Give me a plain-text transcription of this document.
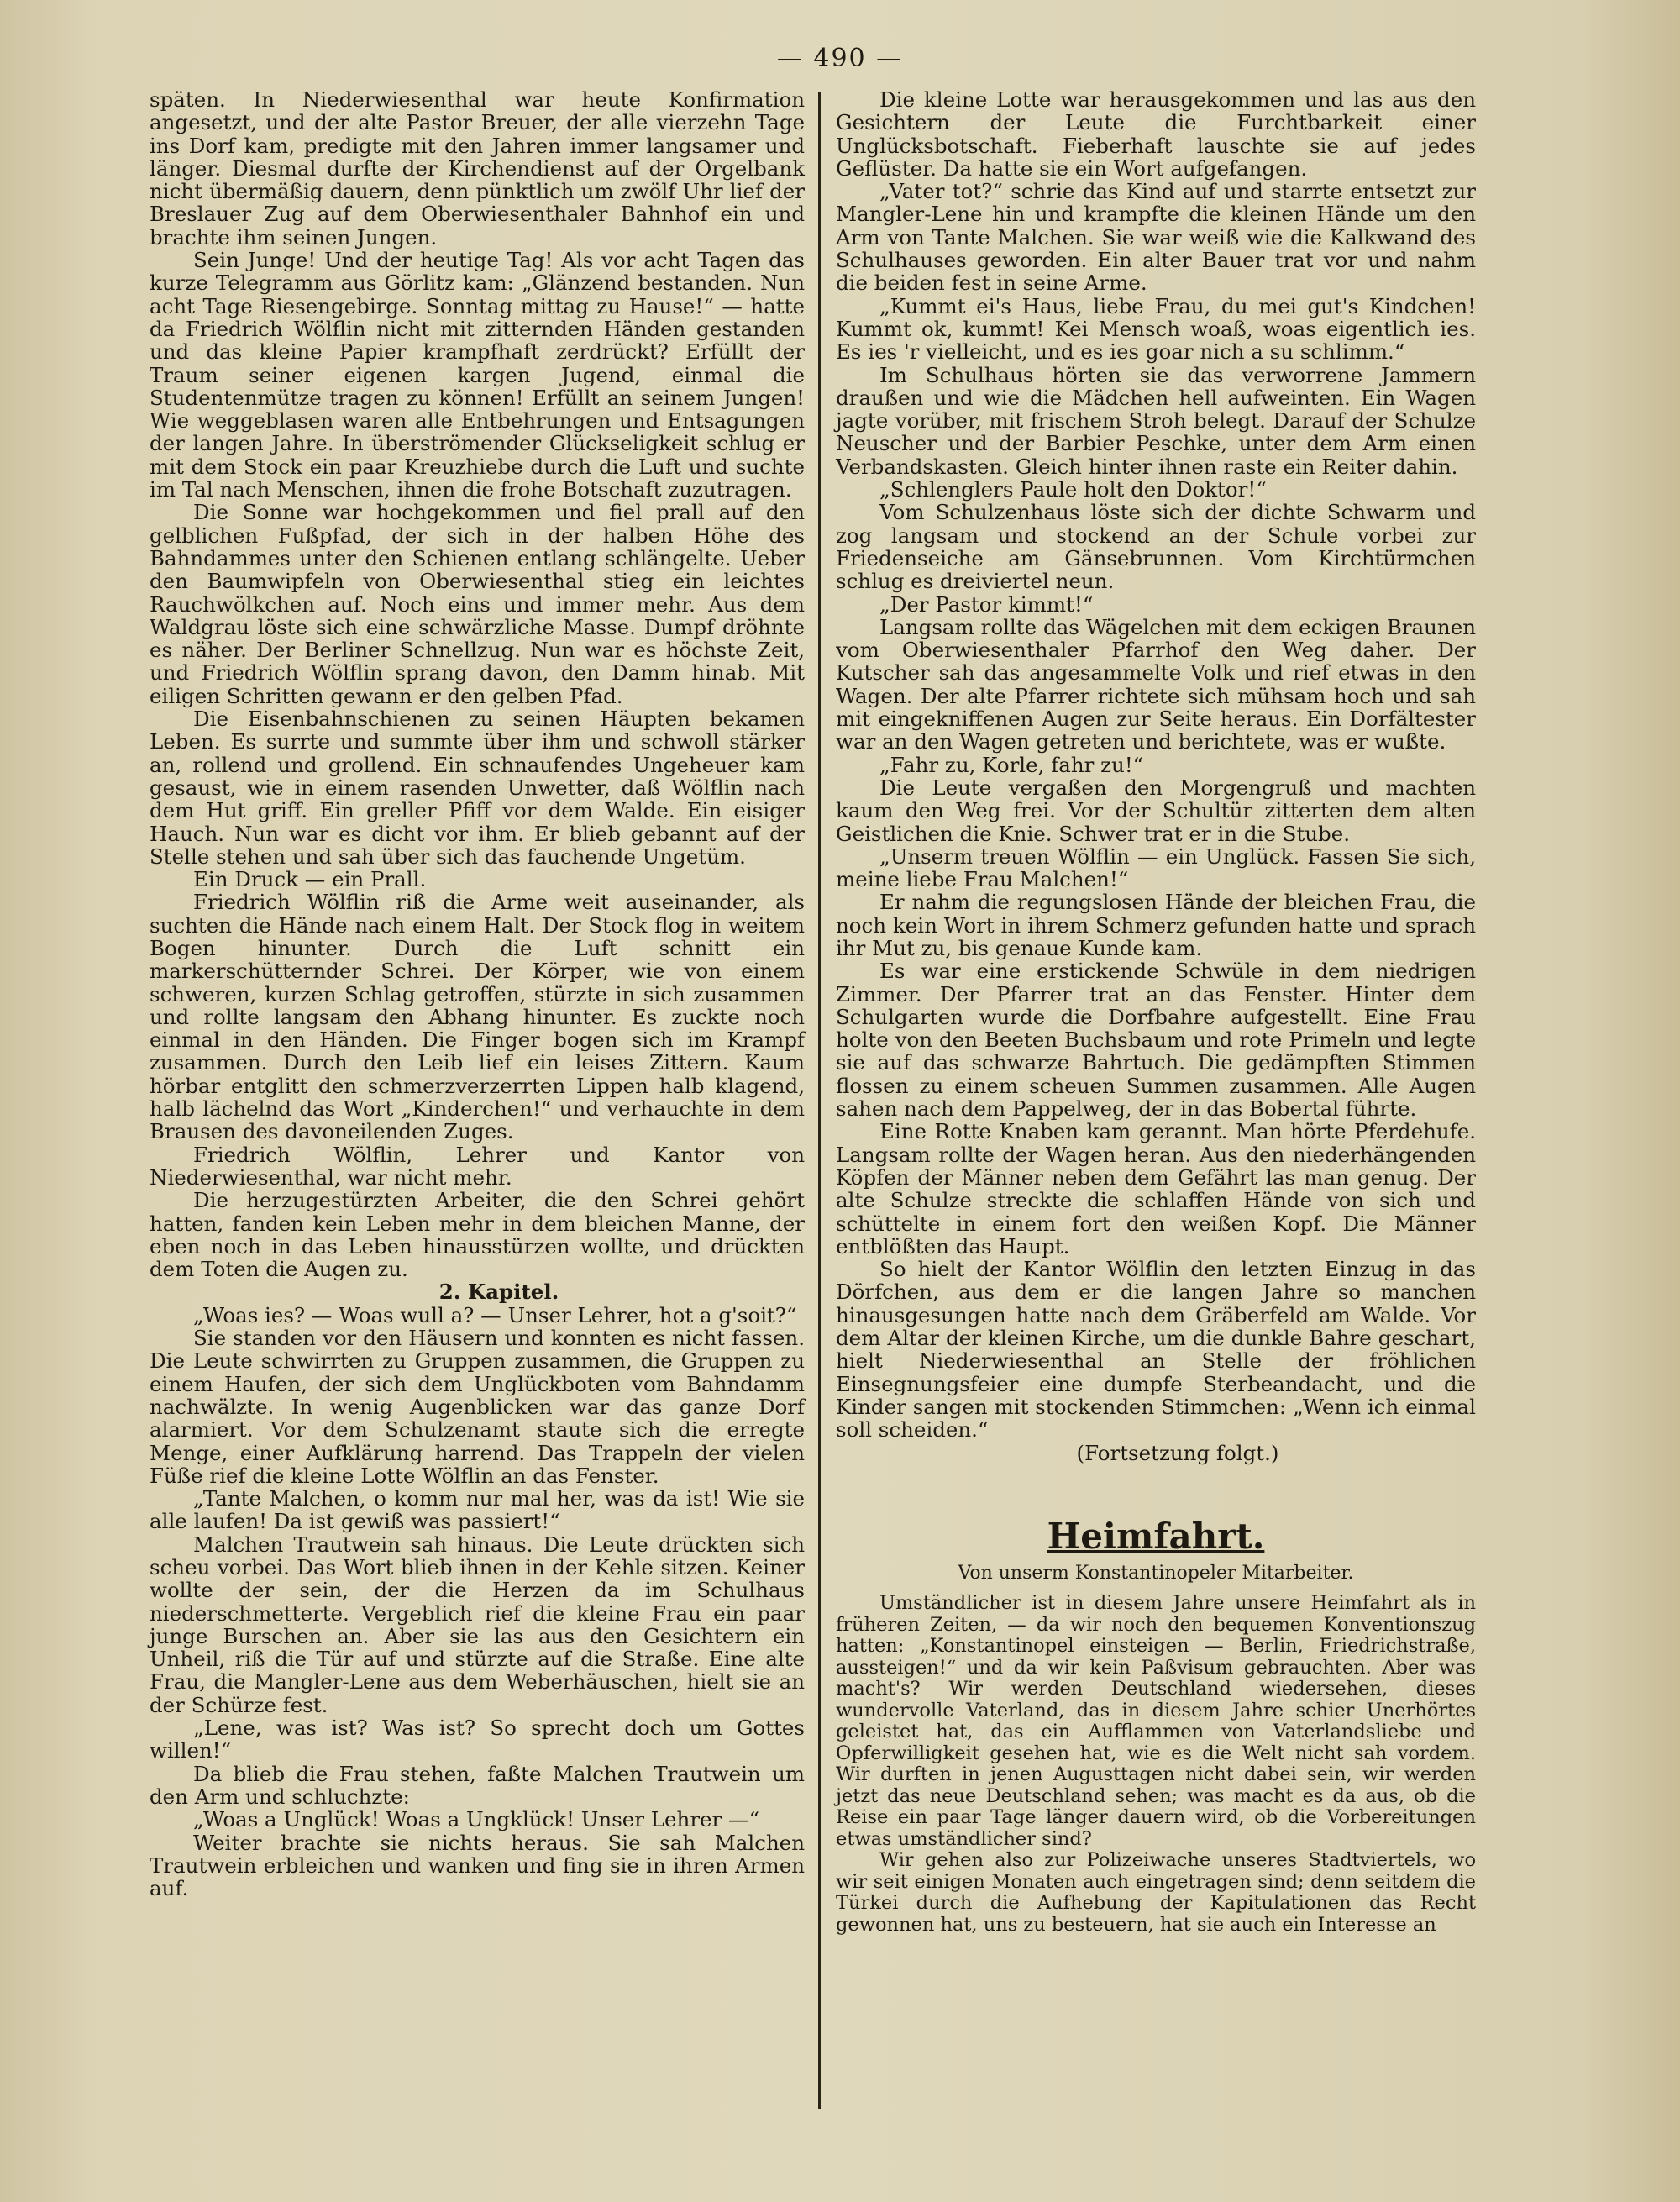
— 490 —

späten. In Niederwiesenthal war heute Konfirmation angesetzt, und der alte Pastor Breuer, der alle vierzehn Tage ins Dorf kam, predigte mit den Jahren immer langsamer und länger. Diesmal durfte der Kirchendienst auf der Orgelbank nicht übermäßig dauern, denn pünktlich um zwölf Uhr lief der Breslauer Zug auf dem Oberwiesenthaler Bahnhof ein und brachte ihm seinen Jungen.

Sein Junge! Und der heutige Tag! Als vor acht Tagen das kurze Telegramm aus Görlitz kam: „Glänzend bestanden. Nun acht Tage Riesengebirge. Sonntag mittag zu Hause!“ — hatte da Friedrich Wölflin nicht mit zitternden Händen gestanden und das kleine Papier krampfhaft zerdrückt? Erfüllt der Traum seiner eigenen kargen Jugend, einmal die Studentenmütze tragen zu können! Erfüllt an seinem Jungen! Wie weggeblasen waren alle Entbehrungen und Entsagungen der langen Jahre. In überströmender Glückseligkeit schlug er mit dem Stock ein paar Kreuzhiebe durch die Luft und suchte im Tal nach Menschen, ihnen die frohe Botschaft zuzutragen.

Die Sonne war hochgekommen und fiel prall auf den gelblichen Fußpfad, der sich in der halben Höhe des Bahndammes unter den Schienen entlang schlängelte. Ueber den Baumwipfeln von Oberwiesenthal stieg ein leichtes Rauchwölkchen auf. Noch eins und immer mehr. Aus dem Waldgrau löste sich eine schwärzliche Masse. Dumpf dröhnte es näher. Der Berliner Schnellzug. Nun war es höchste Zeit, und Friedrich Wölflin sprang davon, den Damm hinab. Mit eiligen Schritten gewann er den gelben Pfad.

Die Eisenbahnschienen zu seinen Häupten bekamen Leben. Es surrte und summte über ihm und schwoll stärker an, rollend und grollend. Ein schnaufendes Ungeheuer kam gesaust, wie in einem rasenden Unwetter, daß Wölflin nach dem Hut griff. Ein greller Pfiff vor dem Walde. Ein eisiger Hauch. Nun war es dicht vor ihm. Er blieb gebannt auf der Stelle stehen und sah über sich das fauchende Ungetüm.

Ein Druck — ein Prall.

Friedrich Wölflin riß die Arme weit auseinander, als suchten die Hände nach einem Halt. Der Stock flog in weitem Bogen hinunter. Durch die Luft schnitt ein markerschütternder Schrei. Der Körper, wie von einem schweren, kurzen Schlag getroffen, stürzte in sich zusammen und rollte langsam den Abhang hinunter. Es zuckte noch einmal in den Händen. Die Finger bogen sich im Krampf zusammen. Durch den Leib lief ein leises Zittern. Kaum hörbar entglitt den schmerzverzerrten Lippen halb klagend, halb lächelnd das Wort „Kinderchen!“ und verhauchte in dem Brausen des davoneilenden Zuges.

Friedrich Wölflin, Lehrer und Kantor von Niederwiesenthal, war nicht mehr.

Die herzugestürzten Arbeiter, die den Schrei gehört hatten, fanden kein Leben mehr in dem bleichen Manne, der eben noch in das Leben hinausstürzen wollte, und drückten dem Toten die Augen zu.

2. Kapitel.

„Woas ies? — Woas wull a? — Unser Lehrer, hot a g'soit?“

Sie standen vor den Häusern und konnten es nicht fassen. Die Leute schwirrten zu Gruppen zusammen, die Gruppen zu einem Haufen, der sich dem Unglückboten vom Bahndamm nachwälzte. In wenig Augenblicken war das ganze Dorf alarmiert. Vor dem Schulzenamt staute sich die erregte Menge, einer Aufklärung harrend. Das Trappeln der vielen Füße rief die kleine Lotte Wölflin an das Fenster.

„Tante Malchen, o komm nur mal her, was da ist! Wie sie alle laufen! Da ist gewiß was passiert!“

Malchen Trautwein sah hinaus. Die Leute drückten sich scheu vorbei. Das Wort blieb ihnen in der Kehle sitzen. Keiner wollte der sein, der die Herzen da im Schulhaus niederschmetterte. Vergeblich rief die kleine Frau ein paar junge Burschen an. Aber sie las aus den Gesichtern ein Unheil, riß die Tür auf und stürzte auf die Straße. Eine alte Frau, die Mangler-Lene aus dem Weberhäuschen, hielt sie an der Schürze fest.

„Lene, was ist? Was ist? So sprecht doch um Gottes willen!“

Da blieb die Frau stehen, faßte Malchen Trautwein um den Arm und schluchzte:

„Woas a Unglück! Woas a Ungklück! Unser Lehrer —“

Weiter brachte sie nichts heraus. Sie sah Malchen Trautwein erbleichen und wanken und fing sie in ihren Armen auf.

Die kleine Lotte war herausgekommen und las aus den Gesichtern der Leute die Furchtbarkeit einer Unglücksbotschaft. Fieberhaft lauschte sie auf jedes Geflüster. Da hatte sie ein Wort aufgefangen.

„Vater tot?“ schrie das Kind auf und starrte entsetzt zur Mangler-Lene hin und krampfte die kleinen Hände um den Arm von Tante Malchen. Sie war weiß wie die Kalkwand des Schulhauses geworden. Ein alter Bauer trat vor und nahm die beiden fest in seine Arme.

„Kummt ei's Haus, liebe Frau, du mei gut's Kindchen! Kummt ok, kummt! Kei Mensch woaß, woas eigentlich ies. Es ies 'r vielleicht, und es ies goar nich a su schlimm.“

Im Schulhaus hörten sie das verworrene Jammern draußen und wie die Mädchen hell aufweinten. Ein Wagen jagte vorüber, mit frischem Stroh belegt. Darauf der Schulze Neuscher und der Barbier Peschke, unter dem Arm einen Verbandskasten. Gleich hinter ihnen raste ein Reiter dahin.

„Schlenglers Paule holt den Doktor!“

Vom Schulzenhaus löste sich der dichte Schwarm und zog langsam und stockend an der Schule vorbei zur Friedenseiche am Gänsebrunnen. Vom Kirchtürmchen schlug es dreiviertel neun.

„Der Pastor kimmt!“

Langsam rollte das Wägelchen mit dem eckigen Braunen vom Oberwiesenthaler Pfarrhof den Weg daher. Der Kutscher sah das angesammelte Volk und rief etwas in den Wagen. Der alte Pfarrer richtete sich mühsam hoch und sah mit eingekniffenen Augen zur Seite heraus. Ein Dorfältester war an den Wagen getreten und berichtete, was er wußte.

„Fahr zu, Korle, fahr zu!“

Die Leute vergaßen den Morgengruß und machten kaum den Weg frei. Vor der Schultür zitterten dem alten Geistlichen die Knie. Schwer trat er in die Stube.

„Unserm treuen Wölflin — ein Unglück. Fassen Sie sich, meine liebe Frau Malchen!“

Er nahm die regungslosen Hände der bleichen Frau, die noch kein Wort in ihrem Schmerz gefunden hatte und sprach ihr Mut zu, bis genaue Kunde kam.

Es war eine erstickende Schwüle in dem niedrigen Zimmer. Der Pfarrer trat an das Fenster. Hinter dem Schulgarten wurde die Dorfbahre aufgestellt. Eine Frau holte von den Beeten Buchsbaum und rote Primeln und legte sie auf das schwarze Bahrtuch. Die gedämpften Stimmen flossen zu einem scheuen Summen zusammen. Alle Augen sahen nach dem Pappelweg, der in das Bobertal führte.

Eine Rotte Knaben kam gerannt. Man hörte Pferdehufe. Langsam rollte der Wagen heran. Aus den niederhängenden Köpfen der Männer neben dem Gefährt las man genug. Der alte Schulze streckte die schlaffen Hände von sich und schüttelte in einem fort den weißen Kopf. Die Männer entblößten das Haupt.

So hielt der Kantor Wölflin den letzten Einzug in das Dörfchen, aus dem er die langen Jahre so manchen hinausgesungen hatte nach dem Gräberfeld am Walde. Vor dem Altar der kleinen Kirche, um die dunkle Bahre geschart, hielt Niederwiesenthal an Stelle der fröhlichen Einsegnungsfeier eine dumpfe Sterbeandacht, und die Kinder sangen mit stockenden Stimmchen: „Wenn ich einmal soll scheiden.“

(Fortsetzung folgt.)

Heimfahrt.
Von unserm Konstantinopeler Mitarbeiter.

Umständlicher ist in diesem Jahre unsere Heimfahrt als in früheren Zeiten, — da wir noch den bequemen Konventionszug hatten: „Konstantinopel einsteigen — Berlin, Friedrichstraße, aussteigen!“ und da wir kein Paßvisum gebrauchten. Aber was macht's? Wir werden Deutschland wiedersehen, dieses wundervolle Vaterland, das in diesem Jahre schier Unerhörtes geleistet hat, das ein Aufflammen von Vaterlandsliebe und Opferwilligkeit gesehen hat, wie es die Welt nicht sah vordem. Wir durften in jenen Augusttagen nicht dabei sein, wir werden jetzt das neue Deutschland sehen; was macht es da aus, ob die Reise ein paar Tage länger dauern wird, ob die Vorbereitungen etwas umständlicher sind?

Wir gehen also zur Polizeiwache unseres Stadtviertels, wo wir seit einigen Monaten auch eingetragen sind; denn seitdem die Türkei durch die Aufhebung der Kapitulationen das Recht gewonnen hat, uns zu besteuern, hat sie auch ein Interesse an
